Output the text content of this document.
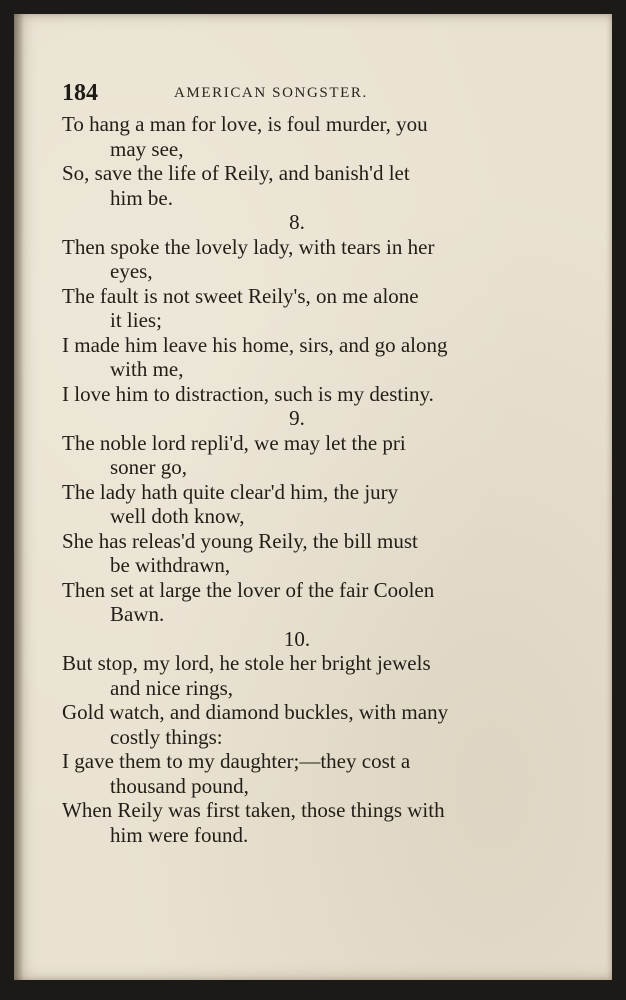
184	AMERICAN SONGSTER.
To hang a man for love, is foul murder, you
may see,
So, save the life of Reily, and banish'd let
him be.
8.
Then spoke the lovely lady, with tears in her
eyes,
The fault is not sweet Reily's, on me alone
it lies;
I made him leave his home, sirs, and go along
with me,
I love him to distraction, such is my destiny.
9.
The noble lord repli'd, we may let the pri
soner go,
The lady hath quite clear'd him, the jury
well doth know,
She has releas'd young Reily, the bill must
be withdrawn,
Then set at large the lover of the fair Coolen
Bawn.
10.
But stop, my lord, he stole her bright jewels
and nice rings,
Gold watch, and diamond buckles, with many
costly things:
I gave them to my daughter;—they cost a
thousand pound,
When Reily was first taken, those things with
him were found.
